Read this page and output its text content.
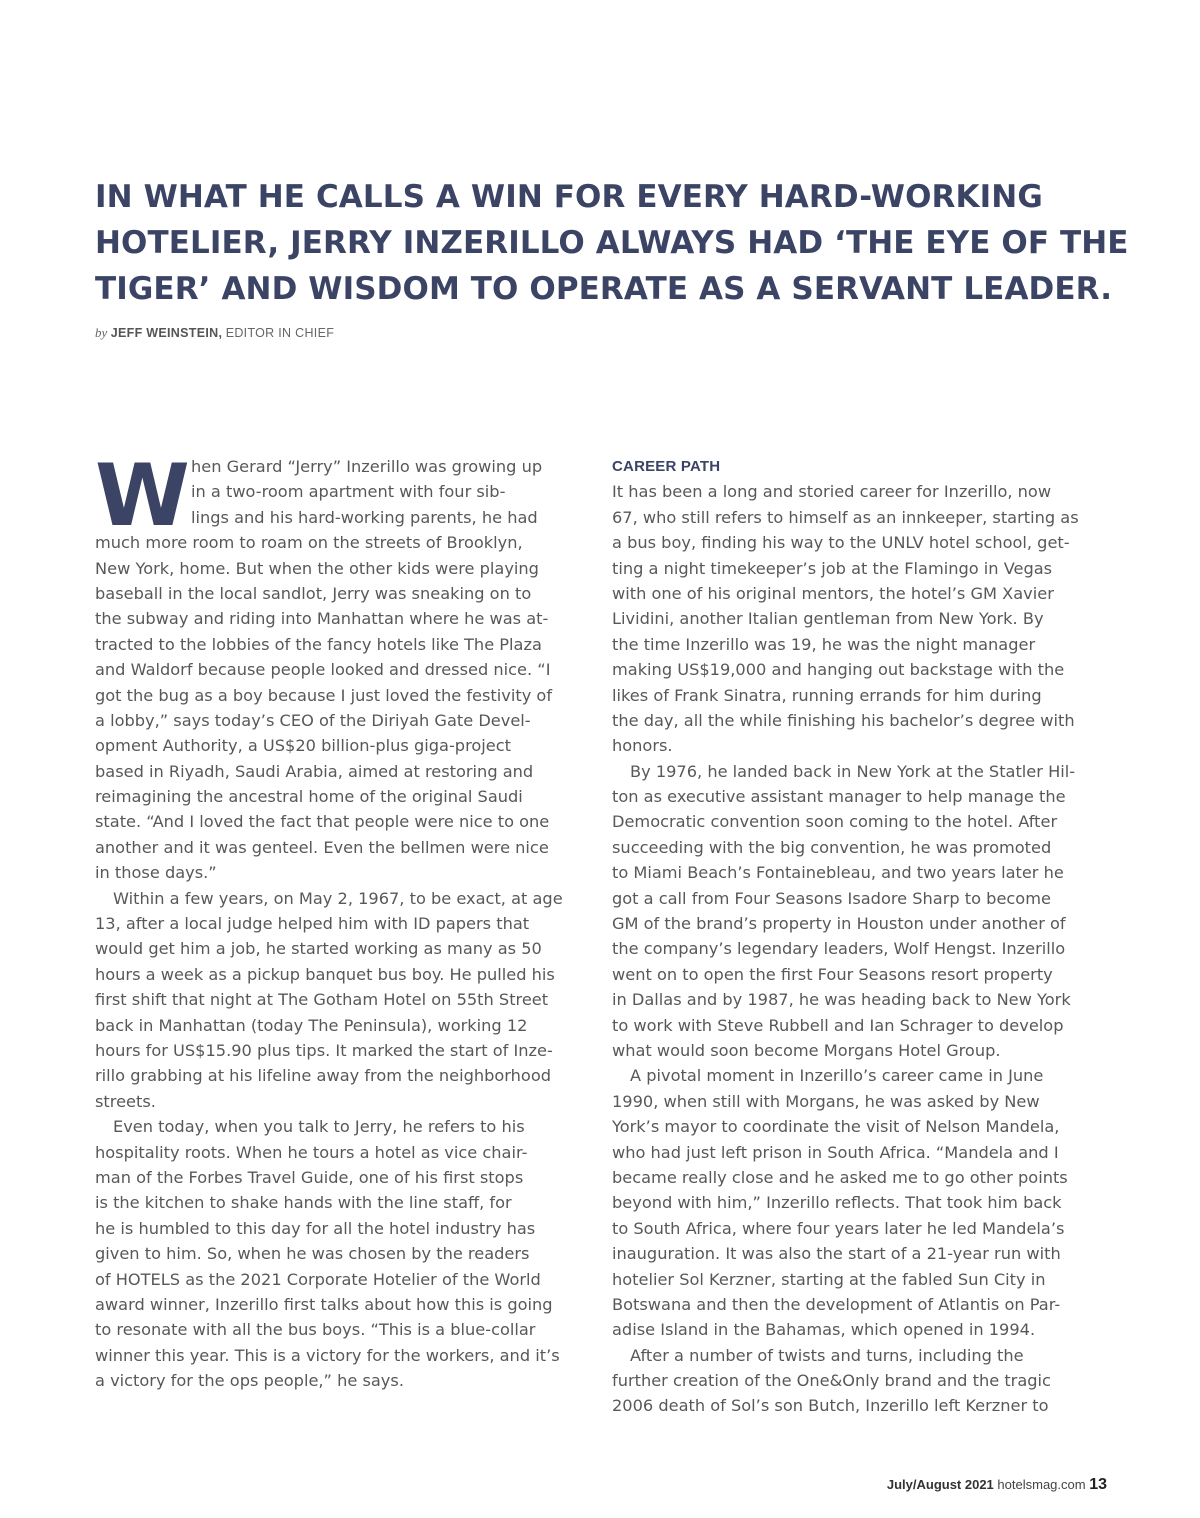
IN WHAT HE CALLS A WIN FOR EVERY HARD-WORKING
HOTELIER, JERRY INZERILLO ALWAYS HAD ‘THE EYE OF THE
TIGER’ AND WISDOM TO OPERATE AS A SERVANT LEADER.
by JEFF WEINSTEIN, EDITOR IN CHIEF
W hen Gerard “Jerry” Inzerillo was growing up
in a two-room apartment with four sib-
lings and his hard-working parents, he had
much more room to roam on the streets of Brooklyn,
New York, home. But when the other kids were playing
baseball in the local sandlot, Jerry was sneaking on to
the subway and riding into Manhattan where he was at-
tracted to the lobbies of the fancy hotels like The Plaza
and Waldorf because people looked and dressed nice. “I
got the bug as a boy because I just loved the festivity of
a lobby,” says today’s CEO of the Diriyah Gate Devel-
opment Authority, a US$20 billion-plus giga-project
based in Riyadh, Saudi Arabia, aimed at restoring and
reimagining the ancestral home of the original Saudi
state. “And I loved the fact that people were nice to one
another and it was genteel. Even the bellmen were nice
in those days.”
Within a few years, on May 2, 1967, to be exact, at age
13, after a local judge helped him with ID papers that
would get him a job, he started working as many as 50
hours a week as a pickup banquet bus boy. He pulled his
first shift that night at The Gotham Hotel on 55th Street
back in Manhattan (today The Peninsula), working 12
hours for US$15.90 plus tips. It marked the start of Inze-
rillo grabbing at his lifeline away from the neighborhood
streets.
Even today, when you talk to Jerry, he refers to his
hospitality roots. When he tours a hotel as vice chair-
man of the Forbes Travel Guide, one of his first stops
is the kitchen to shake hands with the line staff, for
he is humbled to this day for all the hotel industry has
given to him. So, when he was chosen by the readers
of HOTELS as the 2021 Corporate Hotelier of the World
award winner, Inzerillo first talks about how this is going
to resonate with all the bus boys. “This is a blue-collar
winner this year. This is a victory for the workers, and it’s
a victory for the ops people,” he says.
CAREER PATH
It has been a long and storied career for Inzerillo, now
67, who still refers to himself as an innkeeper, starting as
a bus boy, finding his way to the UNLV hotel school, get-
ting a night timekeeper’s job at the Flamingo in Vegas
with one of his original mentors, the hotel’s GM Xavier
Lividini, another Italian gentleman from New York. By
the time Inzerillo was 19, he was the night manager
making US$19,000 and hanging out backstage with the
likes of Frank Sinatra, running errands for him during
the day, all the while finishing his bachelor’s degree with
honors.
By 1976, he landed back in New York at the Statler Hil-
ton as executive assistant manager to help manage the
Democratic convention soon coming to the hotel. After
succeeding with the big convention, he was promoted
to Miami Beach’s Fontainebleau, and two years later he
got a call from Four Seasons Isadore Sharp to become
GM of the brand’s property in Houston under another of
the company’s legendary leaders, Wolf Hengst. Inzerillo
went on to open the first Four Seasons resort property
in Dallas and by 1987, he was heading back to New York
to work with Steve Rubbell and Ian Schrager to develop
what would soon become Morgans Hotel Group.
A pivotal moment in Inzerillo’s career came in June
1990, when still with Morgans, he was asked by New
York’s mayor to coordinate the visit of Nelson Mandela,
who had just left prison in South Africa. “Mandela and I
became really close and he asked me to go other points
beyond with him,” Inzerillo reflects. That took him back
to South Africa, where four years later he led Mandela’s
inauguration. It was also the start of a 21-year run with
hotelier Sol Kerzner, starting at the fabled Sun City in
Botswana and then the development of Atlantis on Par-
adise Island in the Bahamas, which opened in 1994.
After a number of twists and turns, including the
further creation of the One&Only brand and the tragic
2006 death of Sol’s son Butch, Inzerillo left Kerzner to
July/August 2021 hotelsmag.com 13
